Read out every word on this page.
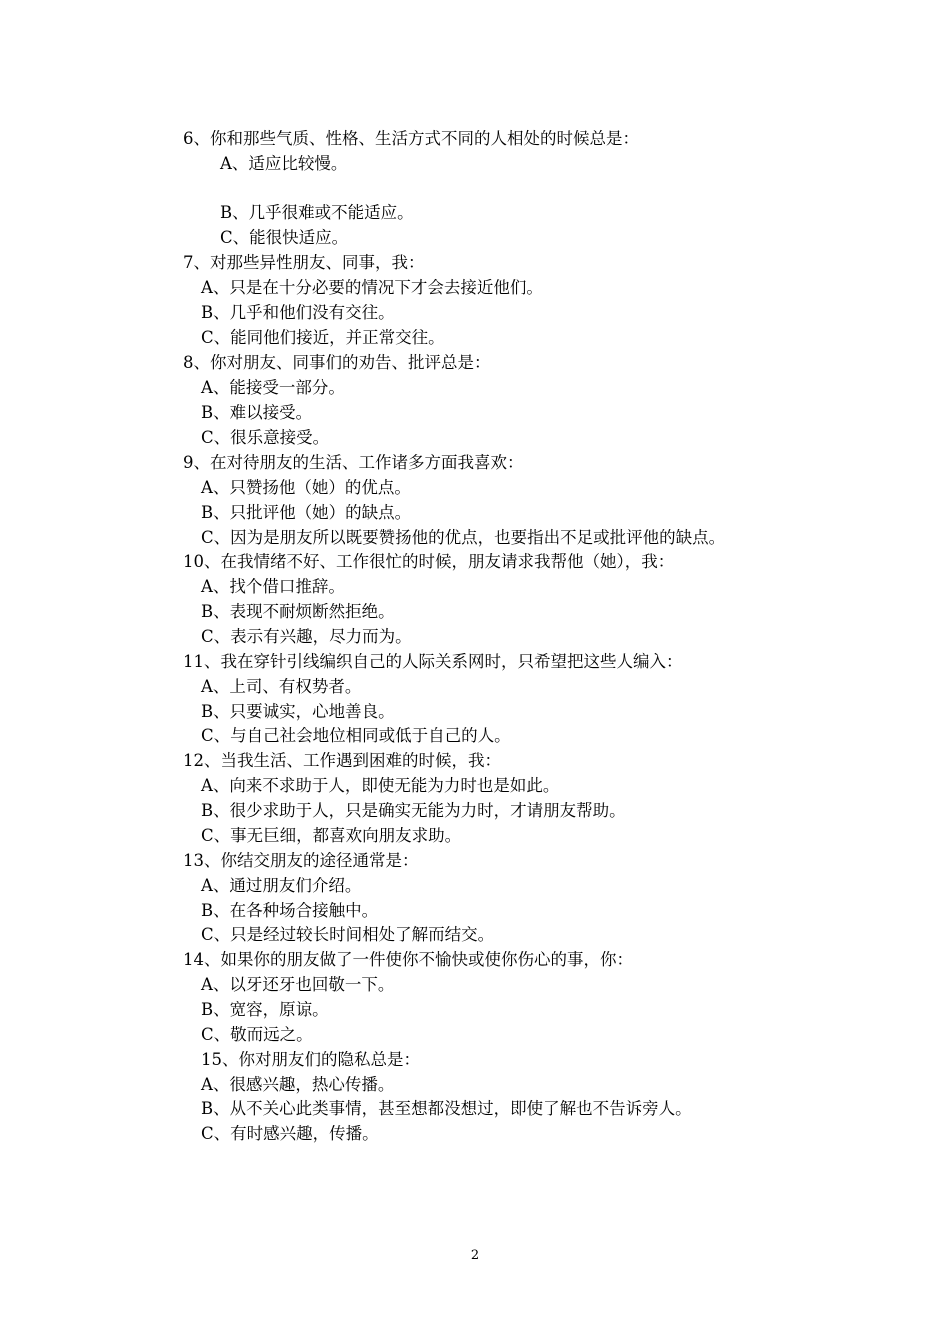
6、你和那些气质、性格、生活方式不同的人相处的时候总是：
A、适应比较慢。
B、几乎很难或不能适应。
C、能很快适应。
7、对那些异性朋友、同事，我：
A、只是在十分必要的情况下才会去接近他们。
B、几乎和他们没有交往。
C、能同他们接近，并正常交往。
8、你对朋友、同事们的劝告、批评总是：
A、能接受一部分。
B、难以接受。
C、很乐意接受。
9、在对待朋友的生活、工作诸多方面我喜欢：
A、只赞扬他（她）的优点。
B、只批评他（她）的缺点。
C、因为是朋友所以既要赞扬他的优点，也要指出不足或批评他的缺点。
10、在我情绪不好、工作很忙的时候，朋友请求我帮他（她），我：
A、找个借口推辞。
B、表现不耐烦断然拒绝。
C、表示有兴趣，尽力而为。
11、我在穿针引线编织自己的人际关系网时，只希望把这些人编入：
A、上司、有权势者。
B、只要诚实，心地善良。
C、与自己社会地位相同或低于自己的人。
12、当我生活、工作遇到困难的时候，我：
A、向来不求助于人，即使无能为力时也是如此。
B、很少求助于人，只是确实无能为力时，才请朋友帮助。
C、事无巨细，都喜欢向朋友求助。
13、你结交朋友的途径通常是：
A、通过朋友们介绍。
B、在各种场合接触中。
C、只是经过较长时间相处了解而结交。
14、如果你的朋友做了一件使你不愉快或使你伤心的事，你：
A、以牙还牙也回敬一下。
B、宽容，原谅。
C、敬而远之。
15、你对朋友们的隐私总是：
A、很感兴趣，热心传播。
B、从不关心此类事情，甚至想都没想过，即使了解也不告诉旁人。
C、有时感兴趣，传播。
2
